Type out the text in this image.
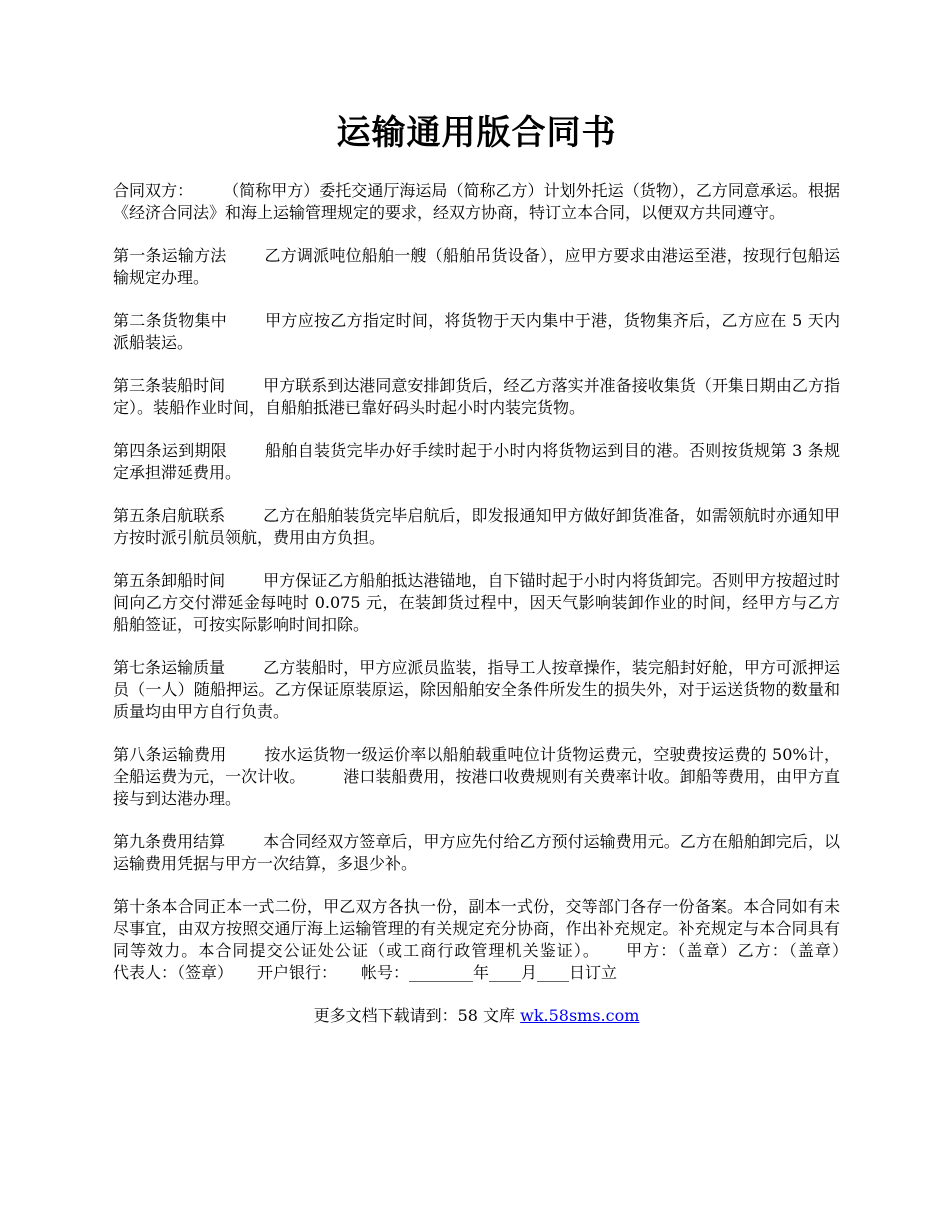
运输通用版合同书

合同双方： （简称甲方）委托交通厅海运局（简称乙方）计划外托运（货物），乙方同意承运。根据《经济合同法》和海上运输管理规定的要求，经双方协商，特订立本合同，以便双方共同遵守。

第一条运输方法 乙方调派吨位船舶一艘（船舶吊货设备），应甲方要求由港运至港，按现行包船运输规定办理。

第二条货物集中 甲方应按乙方指定时间，将货物于天内集中于港，货物集齐后，乙方应在 5 天内派船装运。

第三条装船时间 甲方联系到达港同意安排卸货后，经乙方落实并准备接收集货（开集日期由乙方指定）。装船作业时间，自船舶抵港已靠好码头时起小时内装完货物。

第四条运到期限 船舶自装货完毕办好手续时起于小时内将货物运到目的港。否则按货规第 3 条规定承担滞延费用。

第五条启航联系 乙方在船舶装货完毕启航后，即发报通知甲方做好卸货准备，如需领航时亦通知甲方按时派引航员领航，费用由方负担。

第五条卸船时间 甲方保证乙方船舶抵达港锚地，自下锚时起于小时内将货卸完。否则甲方按超过时间向乙方交付滞延金每吨时 0.075 元，在装卸货过程中，因天气影响装卸作业的时间，经甲方与乙方船舶签证，可按实际影响时间扣除。

第七条运输质量 乙方装船时，甲方应派员监装，指导工人按章操作，装完船封好舱，甲方可派押运员（一人）随船押运。乙方保证原装原运，除因船舶安全条件所发生的损失外，对于运送货物的数量和质量均由甲方自行负责。

第八条运输费用 按水运货物一级运价率以船舶载重吨位计货物运费元，空驶费按运费的 50%计，全船运费为元，一次计收。 港口装船费用，按港口收费规则有关费率计收。卸船等费用，由甲方直接与到达港办理。

第九条费用结算 本合同经双方签章后，甲方应先付给乙方预付运输费用元。乙方在船舶卸完后，以运输费用凭据与甲方一次结算，多退少补。

第十条本合同正本一式二份，甲乙双方各执一份，副本一式份，交等部门各存一份备案。本合同如有未尽事宜，由双方按照交通厅海上运输管理的有关规定充分协商，作出补充规定。补充规定与本合同具有同等效力。本合同提交公证处公证（或工商行政管理机关鉴证）。　　甲方：（盖章）乙方：（盖章）　　代表人：（签章）　　开户银行：　　帐号：________年____月____日订立

更多文档下载请到：58 文库 wk.58sms.com
